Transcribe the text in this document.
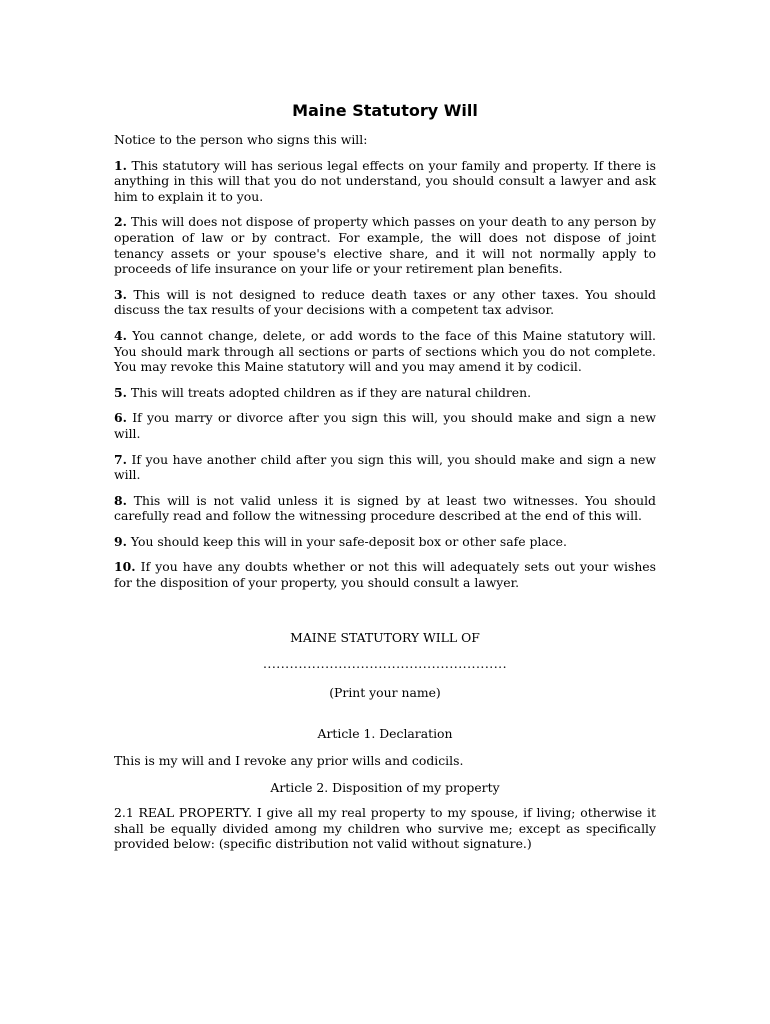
Maine Statutory Will

Notice to the person who signs this will:

1. This statutory will has serious legal effects on your family and property. If there is anything in this will that you do not understand, you should consult a lawyer and ask him to explain it to you.

2. This will does not dispose of property which passes on your death to any person by operation of law or by contract. For example, the will does not dispose of joint tenancy assets or your spouse's elective share, and it will not normally apply to proceeds of life insurance on your life or your retirement plan benefits.

3. This will is not designed to reduce death taxes or any other taxes. You should discuss the tax results of your decisions with a competent tax advisor.

4. You cannot change, delete, or add words to the face of this Maine statutory will. You should mark through all sections or parts of sections which you do not complete. You may revoke this Maine statutory will and you may amend it by codicil.

5. This will treats adopted children as if they are natural children.

6. If you marry or divorce after you sign this will, you should make and sign a new will.

7. If you have another child after you sign this will, you should make and sign a new will.

8. This will is not valid unless it is signed by at least two witnesses. You should carefully read and follow the witnessing procedure described at the end of this will.

9. You should keep this will in your safe-deposit box or other safe place.

10. If you have any doubts whether or not this will adequately sets out your wishes for the disposition of your property, you should consult a lawyer.

MAINE STATUTORY WILL OF
.......................................................
(Print your name)
Article 1. Declaration
This is my will and I revoke any prior wills and codicils.
Article 2. Disposition of my property
2.1 REAL PROPERTY. I give all my real property to my spouse, if living; otherwise it shall be equally divided among my children who survive me; except as specifically provided below: (specific distribution not valid without signature.)
